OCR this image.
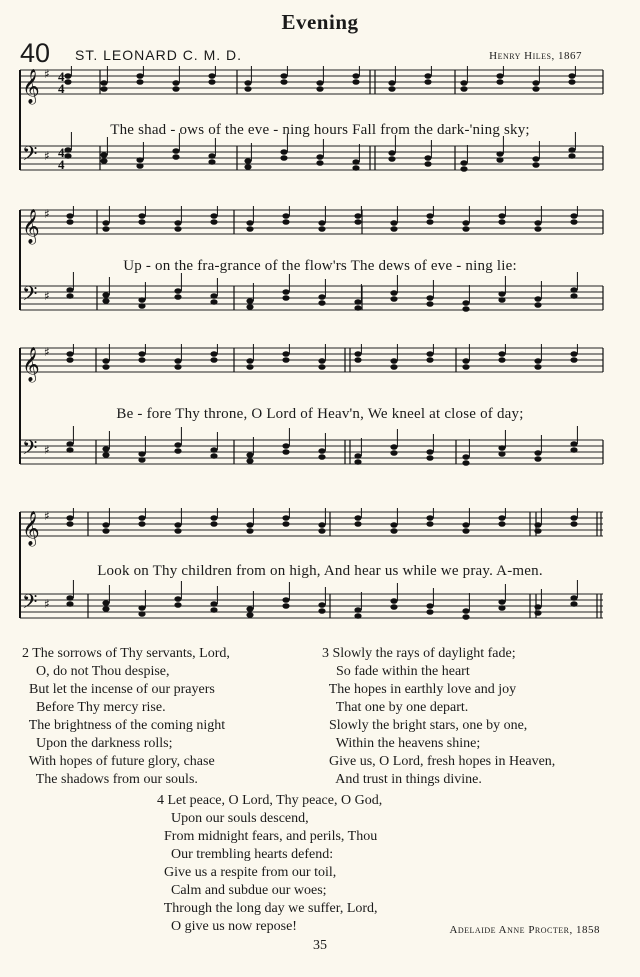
Evening
40 ST. LEONARD C. M. D.	Henry Hiles, 1867
𝄞 ♯
𝄢 ♯
4
4
4
4
The shad - ows of the eve - ning hours Fall from the dark-'ning sky;
𝄞 ♯
𝄢 ♯
Up - on the fra-grance of the flow'rs The dews of eve - ning lie:
𝄞 ♯
𝄢 ♯
Be - fore Thy throne, O Lord of Heav'n, We kneel at close of day;
𝄞 ♯
𝄢 ♯
Look on Thy children from on high, And hear us while we pray. A-men.
2 The sorrows of Thy servants, Lord,
O, do not Thou despise,
But let the incense of our prayers
Before Thy mercy rise.
The brightness of the coming night
Upon the darkness rolls;
With hopes of future glory, chase
The shadows from our souls.
3 Slowly the rays of daylight fade;
So fade within the heart
The hopes in earthly love and joy
That one by one depart.
Slowly the bright stars, one by one,
Within the heavens shine;
Give us, O Lord, fresh hopes in Heaven,
And trust in things divine.
4 Let peace, O Lord, Thy peace, O God,
Upon our souls descend,
From midnight fears, and perils, Thou
Our trembling hearts defend:
Give us a respite from our toil,
Calm and subdue our woes;
Through the long day we suffer, Lord,
O give us now repose!	Adelaide Anne Procter, 1858
35
